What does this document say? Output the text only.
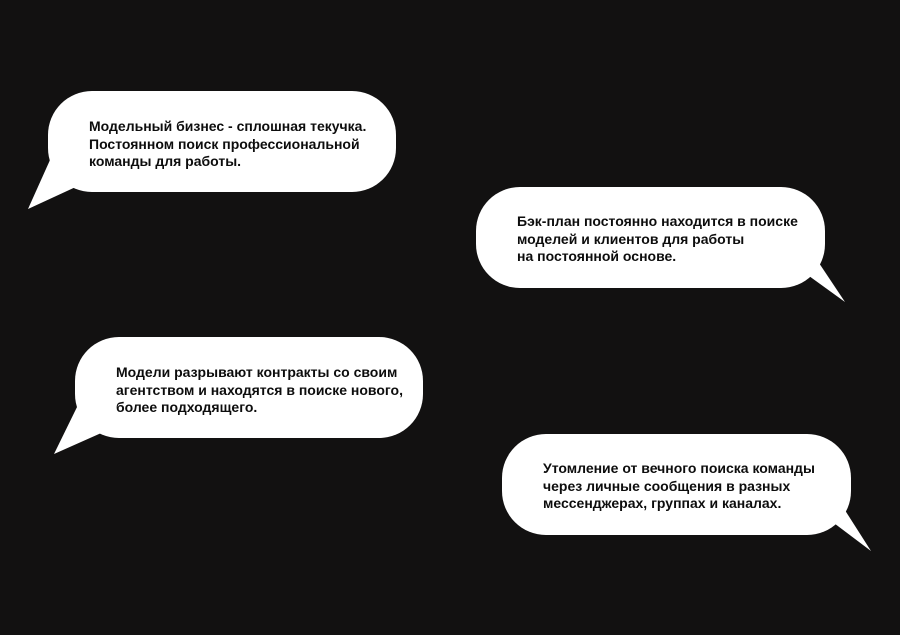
Модельный бизнес - сплошная текучка.
Постоянном поиск профессиональной
команды для работы.
Бэк-план постоянно находится в поиске
моделей и клиентов для работы
на постоянной основе.
Модели разрывают контракты со своим
агентством и находятся в поиске нового,
более подходящего.
Утомление от вечного поиска команды
через личные сообщения в разных
мессенджерах, группах и каналах.
